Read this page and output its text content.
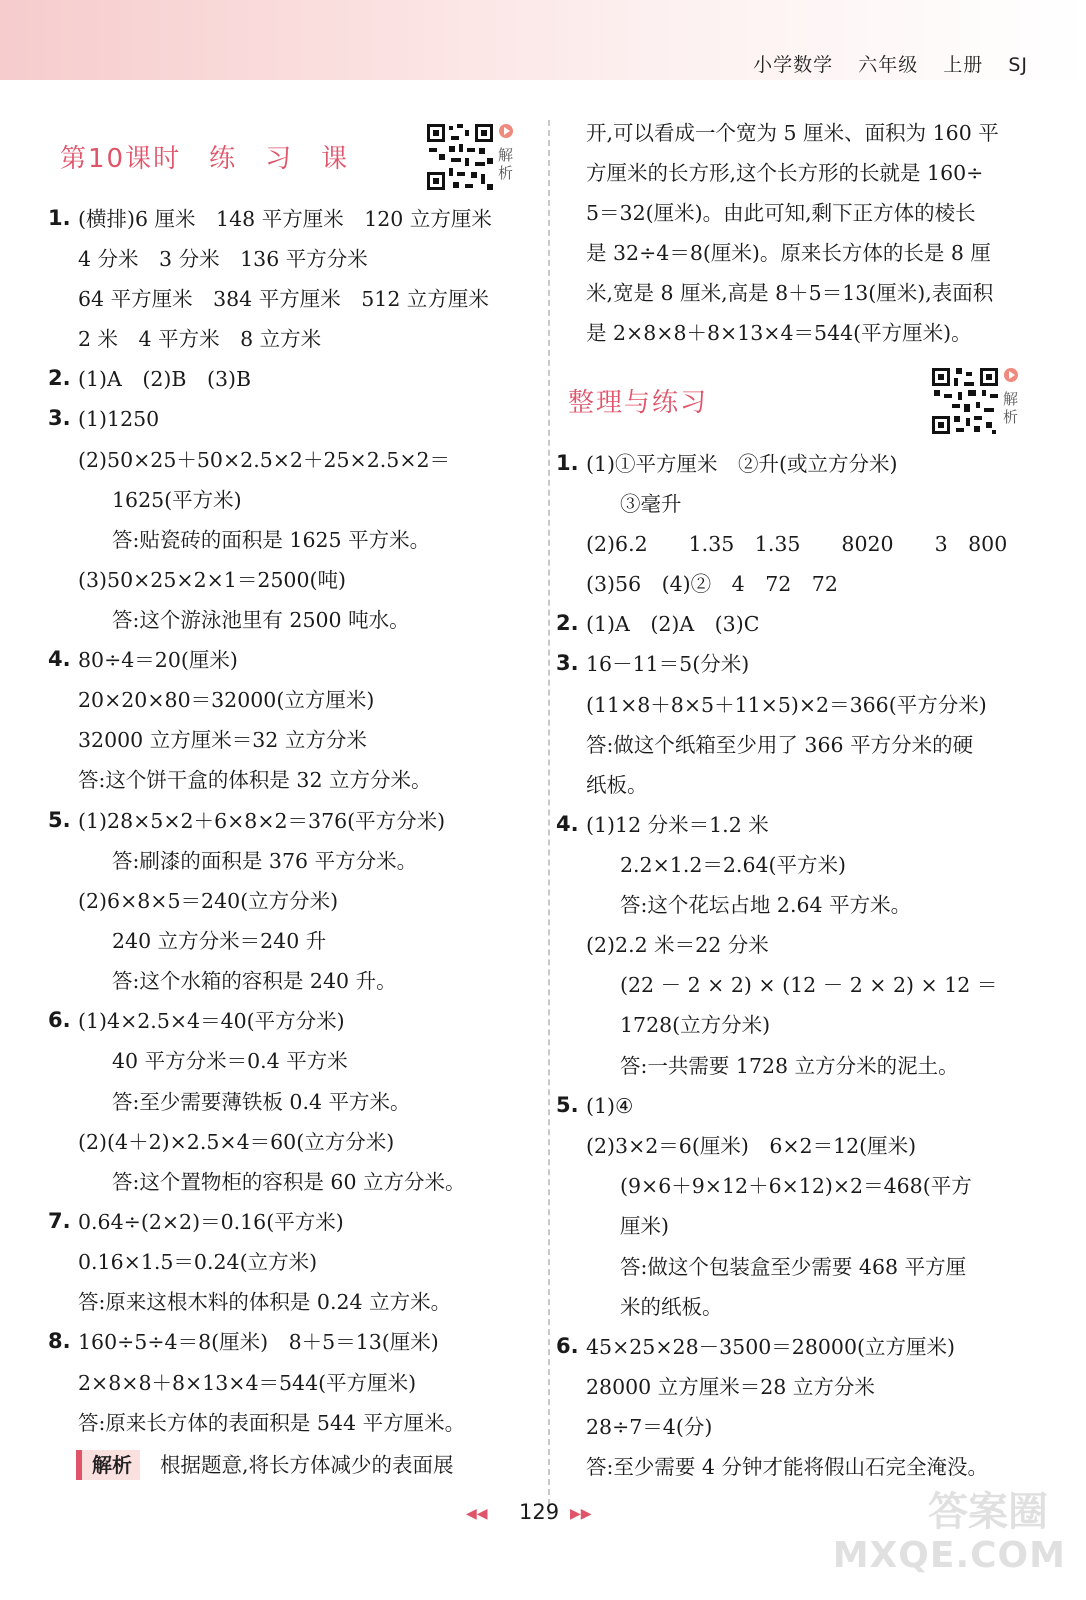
小学数学 六年级 上册 SJ
第10课时　练　习　课	解析
1. (横排)6 厘米　148 平方厘米　120 立方厘米
4 分米　3 分米　136 平方分米
64 平方厘米　384 平方厘米　512 立方厘米
2 米　4 平方米　8 立方米
2. (1)A　(2)B　(3)B
3. (1)1250
(2)50×25＋50×2.5×2＋25×2.5×2＝
1625(平方米)
答:贴瓷砖的面积是 1625 平方米。
(3)50×25×2×1＝2500(吨)
答:这个游泳池里有 2500 吨水。
4. 80÷4＝20(厘米)
20×20×80＝32000(立方厘米)
32000 立方厘米＝32 立方分米
答:这个饼干盒的体积是 32 立方分米。
5. (1)28×5×2＋6×8×2＝376(平方分米)
答:刷漆的面积是 376 平方分米。
(2)6×8×5＝240(立方分米)
240 立方分米＝240 升
答:这个水箱的容积是 240 升。
6. (1)4×2.5×4＝40(平方分米)
40 平方分米＝0.4 平方米
答:至少需要薄铁板 0.4 平方米。
(2)(4＋2)×2.5×4＝60(立方分米)
答:这个置物柜的容积是 60 立方分米。
7. 0.64÷(2×2)＝0.16(平方米)
0.16×1.5＝0.24(立方米)
答:原来这根木料的体积是 0.24 立方米。
8. 160÷5÷4＝8(厘米)　8＋5＝13(厘米)
2×8×8＋8×13×4＝544(平方厘米)
答:原来长方体的表面积是 544 平方厘米。
解析	根据题意,将长方体减少的表面展
开,可以看成一个宽为 5 厘米、面积为 160 平
方厘米的长方形,这个长方形的长就是 160÷
5＝32(厘米)。由此可知,剩下正方体的棱长
是 32÷4＝8(厘米)。原来长方体的长是 8 厘
米,宽是 8 厘米,高是 8＋5＝13(厘米),表面积
是 2×8×8＋8×13×4＝544(平方厘米)。
整理与练习	解析
1. (1)①平方厘米　②升(或立方分米)
③毫升
(2)6.2　　1.35　1.35　　8020　　3　800
(3)56　(4)②　4　72　72
2. (1)A　(2)A　(3)C
3. 16－11＝5(分米)
(11×8＋8×5＋11×5)×2＝366(平方分米)
答:做这个纸箱至少用了 366 平方分米的硬
纸板。
4. (1)12 分米＝1.2 米
2.2×1.2＝2.64(平方米)
答:这个花坛占地 2.64 平方米。
(2)2.2 米＝22 分米
(22 － 2 × 2) × (12 － 2 × 2) × 12 ＝
1728(立方分米)
答:一共需要 1728 立方分米的泥土。
5. (1)④
(2)3×2＝6(厘米)　6×2＝12(厘米)
(9×6＋9×12＋6×12)×2＝468(平方
厘米)
答:做这个包装盒至少需要 468 平方厘
米的纸板。
6. 45×25×28－3500＝28000(立方厘米)
28000 立方厘米＝28 立方分米
28÷7＝4(分)
答:至少需要 4 分钟才能将假山石完全淹没。
◀◀ 129 ▶▶	答案圈
MXQE.COM
